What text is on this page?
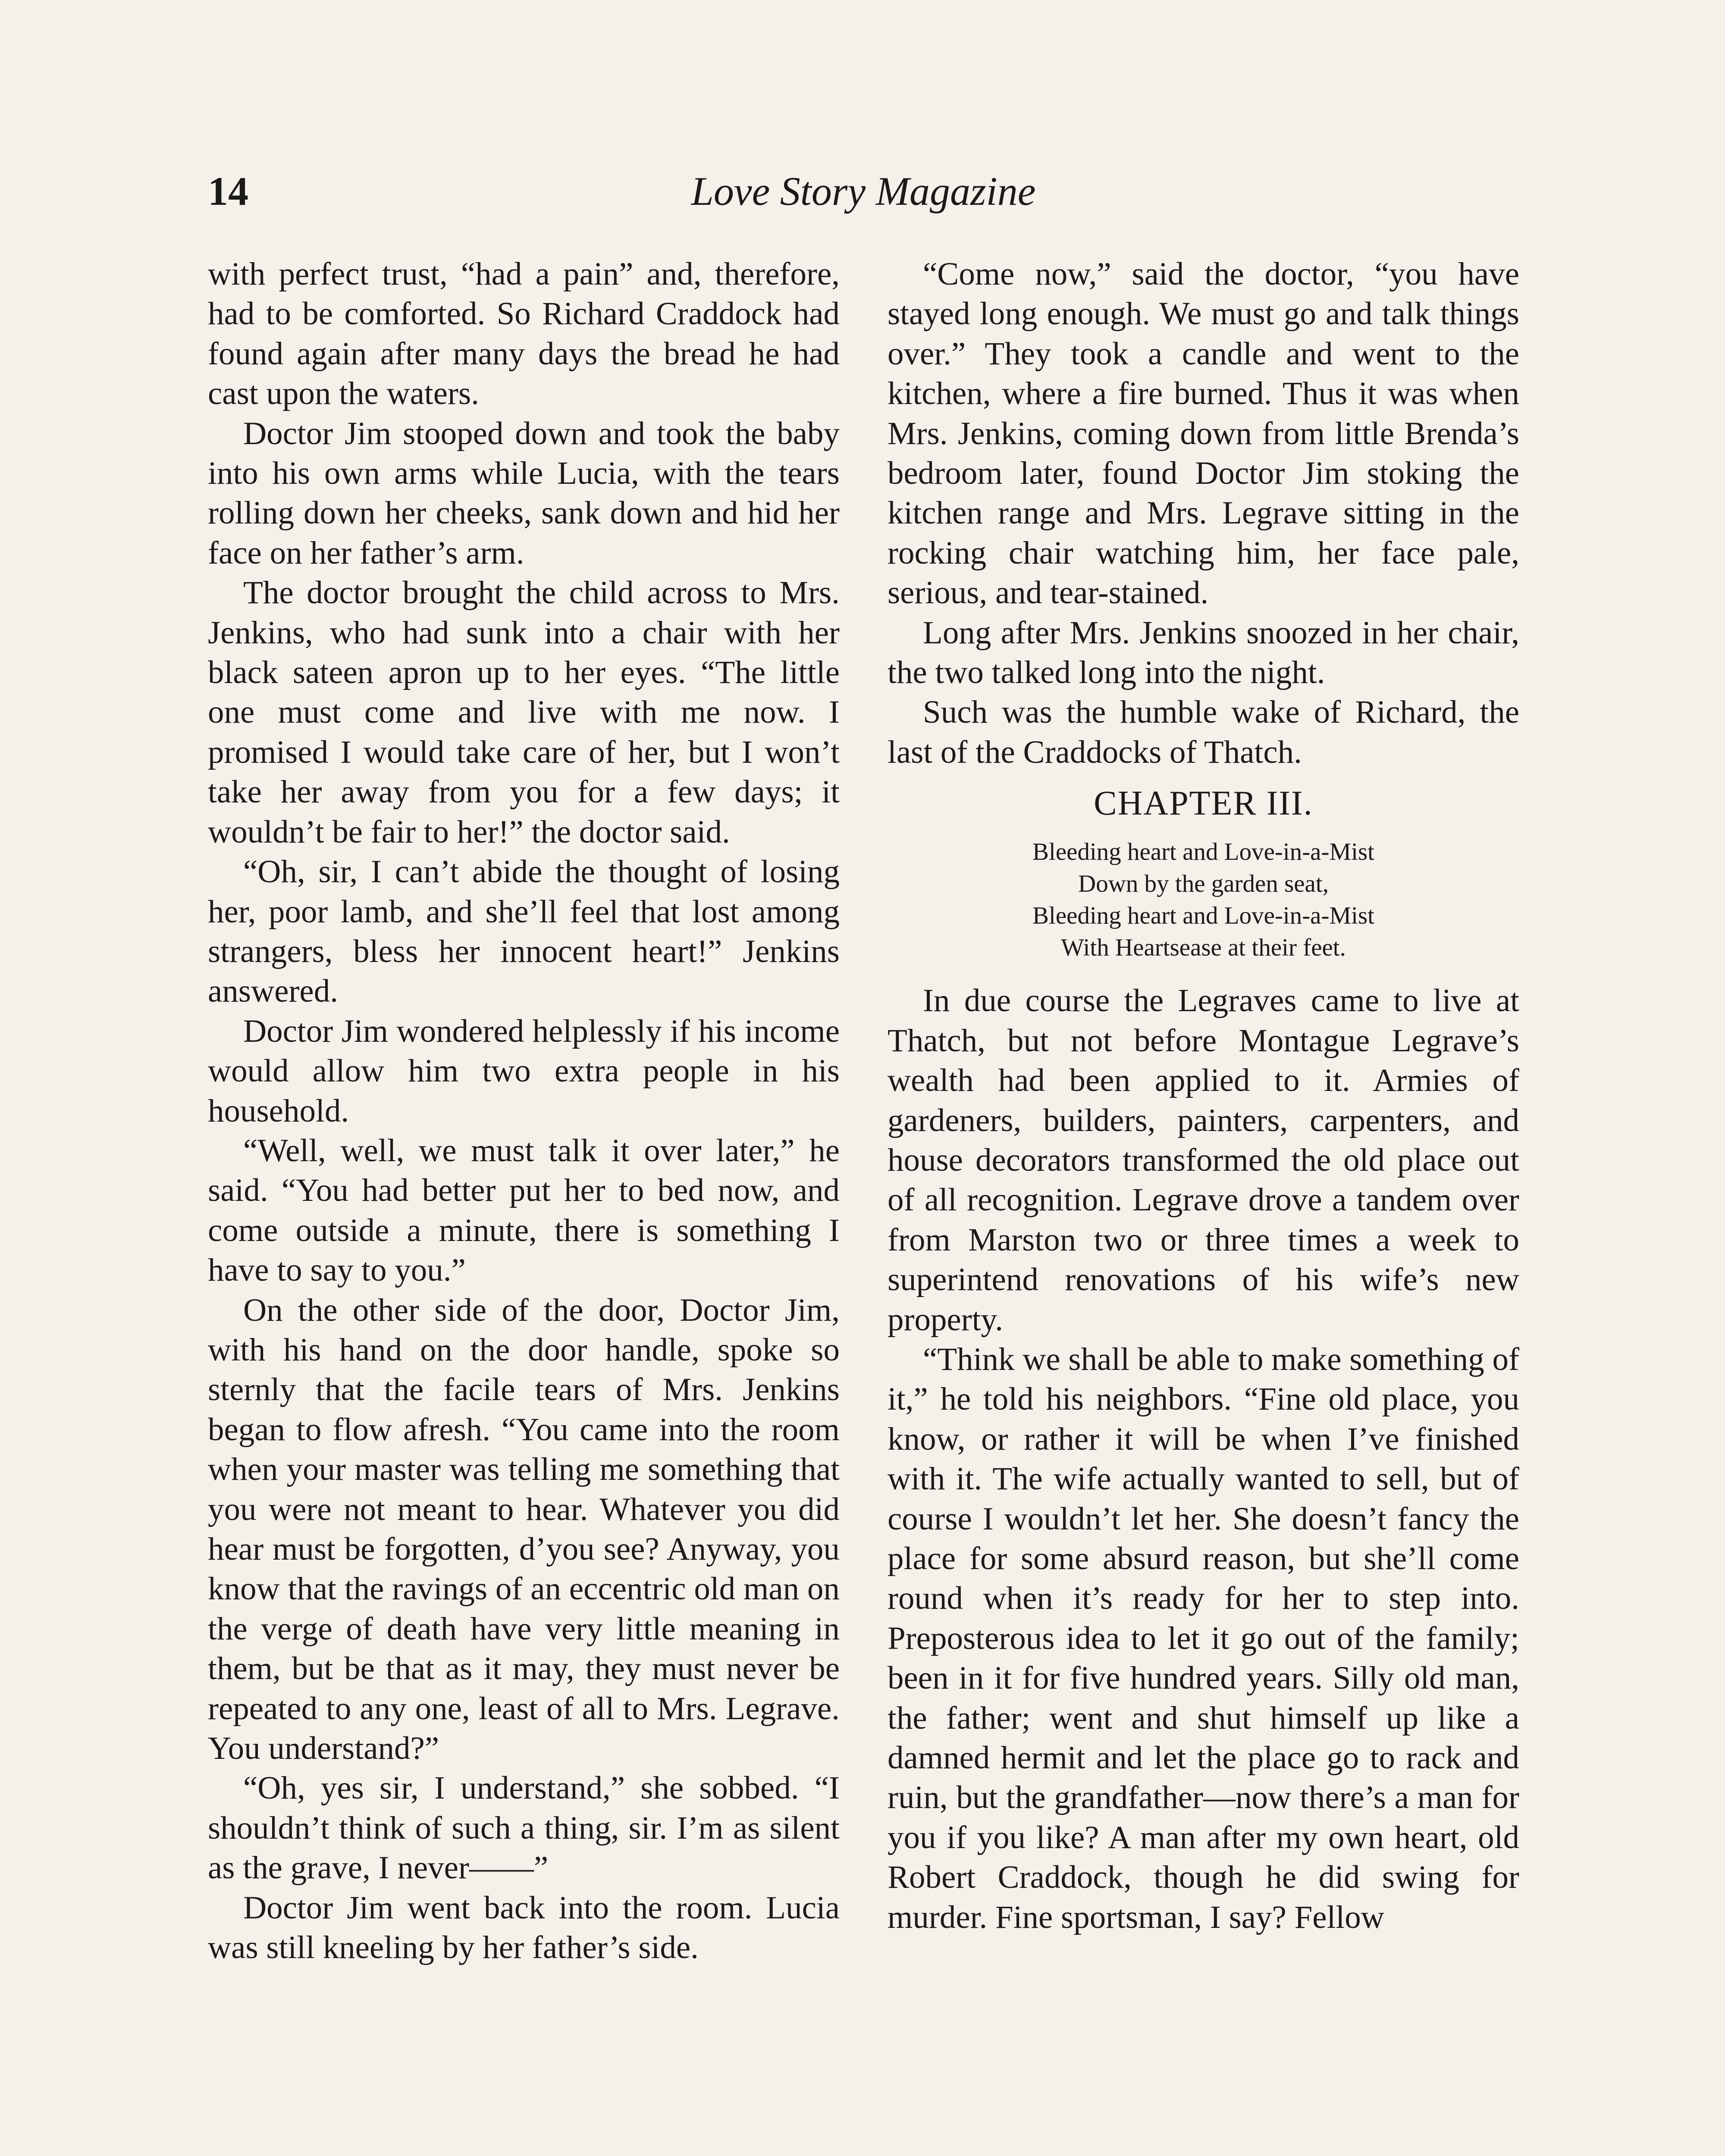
14	Love Story Magazine

with perfect trust, “had a pain” and, therefore, had to be comforted. So Richard Craddock had found again after many days the bread he had cast upon the waters.

Doctor Jim stooped down and took the baby into his own arms while Lucia, with the tears rolling down her cheeks, sank down and hid her face on her father’s arm.

The doctor brought the child across to Mrs. Jenkins, who had sunk into a chair with her black sateen apron up to her eyes. “The little one must come and live with me now. I promised I would take care of her, but I won’t take her away from you for a few days; it wouldn’t be fair to her!” the doctor said.

“Oh, sir, I can’t abide the thought of losing her, poor lamb, and she’ll feel that lost among strangers, bless her innocent heart!” Jenkins answered.

Doctor Jim wondered helplessly if his income would allow him two extra people in his household.

“Well, well, we must talk it over later,” he said. “You had better put her to bed now, and come outside a minute, there is something I have to say to you.”

On the other side of the door, Doctor Jim, with his hand on the door handle, spoke so sternly that the facile tears of Mrs. Jenkins began to flow afresh. “You came into the room when your master was telling me something that you were not meant to hear. Whatever you did hear must be forgotten, d’you see? Anyway, you know that the ravings of an eccentric old man on the verge of death have very little meaning in them, but be that as it may, they must never be repeated to any one, least of all to Mrs. Legrave. You understand?”

“Oh, yes sir, I understand,” she sobbed. “I shouldn’t think of such a thing, sir. I’m as silent as the grave, I never——”

Doctor Jim went back into the room. Lucia was still kneeling by her father’s side.

“Come now,” said the doctor, “you have stayed long enough. We must go and talk things over.” They took a candle and went to the kitchen, where a fire burned. Thus it was when Mrs. Jenkins, coming down from little Brenda’s bedroom later, found Doctor Jim stoking the kitchen range and Mrs. Legrave sitting in the rocking chair watching him, her face pale, serious, and tear-stained.

Long after Mrs. Jenkins snoozed in her chair, the two talked long into the night.

Such was the humble wake of Richard, the last of the Craddocks of Thatch.

CHAPTER III.
Bleeding heart and Love-in-a-Mist
Down by the garden seat,
Bleeding heart and Love-in-a-Mist
With Heartsease at their feet.

In due course the Legraves came to live at Thatch, but not before Montague Legrave’s wealth had been applied to it. Armies of gardeners, builders, painters, carpenters, and house decorators transformed the old place out of all recognition. Legrave drove a tandem over from Marston two or three times a week to superintend renovations of his wife’s new property.

“Think we shall be able to make something of it,” he told his neighbors. “Fine old place, you know, or rather it will be when I’ve finished with it. The wife actually wanted to sell, but of course I wouldn’t let her. She doesn’t fancy the place for some absurd reason, but she’ll come round when it’s ready for her to step into. Preposterous idea to let it go out of the family; been in it for five hundred years. Silly old man, the father; went and shut himself up like a damned hermit and let the place go to rack and ruin, but the grandfather—now there’s a man for you if you like? A man after my own heart, old Robert Craddock, though he did swing for murder. Fine sportsman, I say? Fellow
